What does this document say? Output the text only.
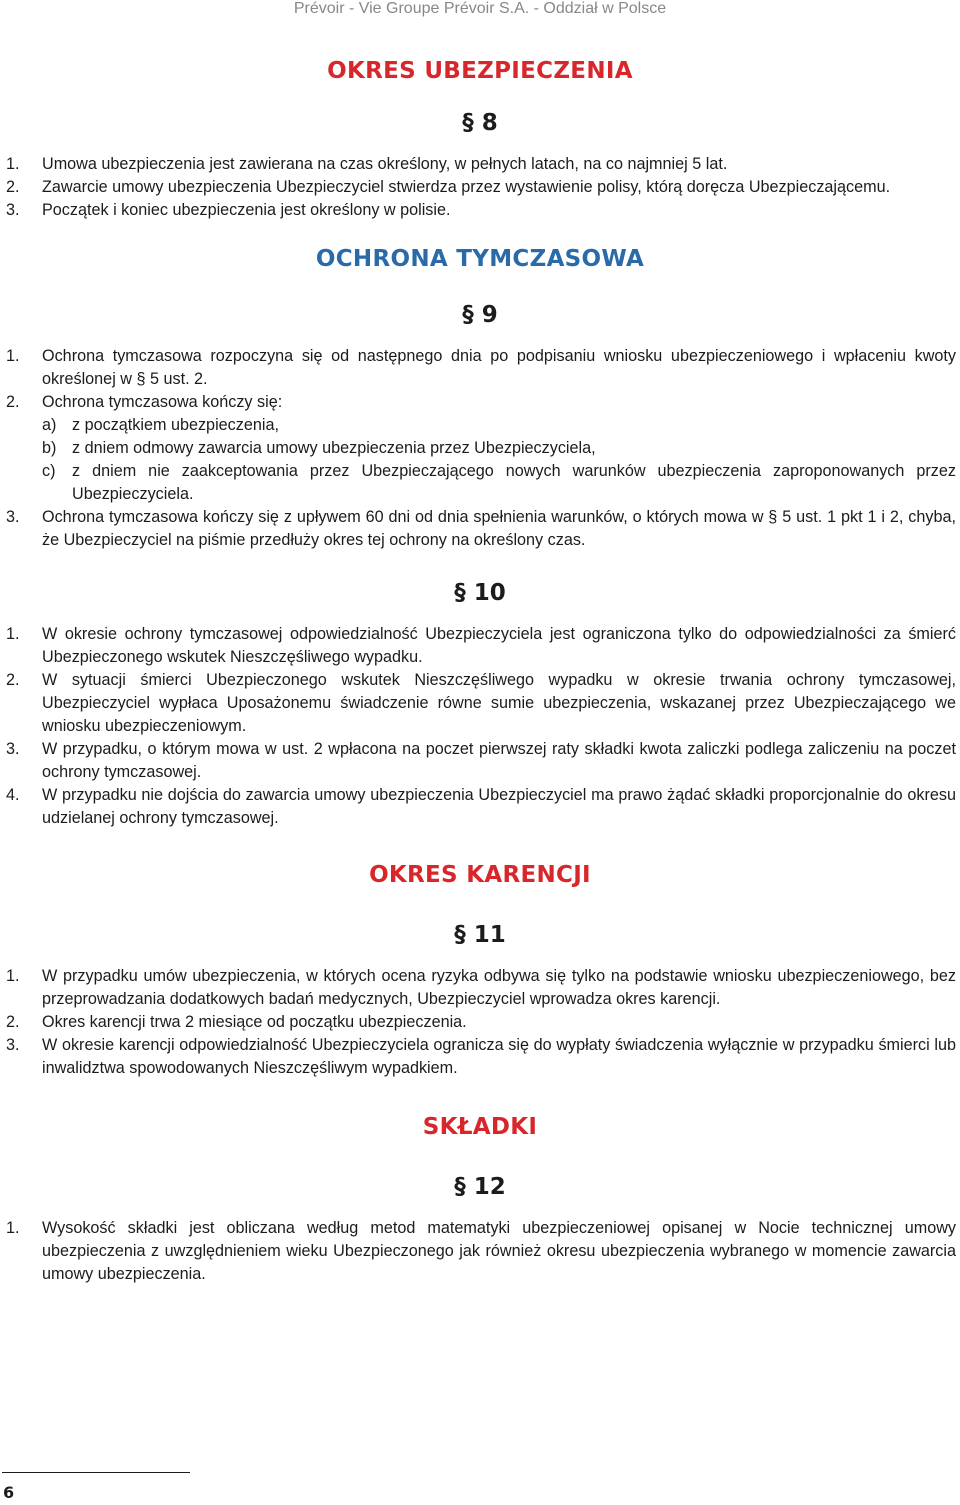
Prévoir - Vie Groupe Prévoir S.A. - Oddział w Polsce
OKRES UBEZPIECZENIA
§ 8
1. Umowa ubezpieczenia jest zawierana na czas określony, w pełnych latach, na co najmniej 5 lat.
2. Zawarcie umowy ubezpieczenia Ubezpieczyciel stwierdza przez wystawienie polisy, którą doręcza Ubezpieczającemu.
3. Początek i koniec ubezpieczenia jest określony w polisie.
OCHRONA TYMCZASOWA
§ 9
1. Ochrona tymczasowa rozpoczyna się od następnego dnia po podpisaniu wniosku ubezpieczeniowego i wpłaceniu kwoty określonej w § 5 ust. 2.
2. Ochrona tymczasowa kończy się:
a) z początkiem ubezpieczenia,
b) z dniem odmowy zawarcia umowy ubezpieczenia przez Ubezpieczyciela,
c) z dniem nie zaakceptowania przez Ubezpieczającego nowych warunków ubezpieczenia zaproponowanych przez Ubezpieczyciela.
3. Ochrona tymczasowa kończy się z upływem 60 dni od dnia spełnienia warunków, o których mowa w § 5 ust. 1 pkt 1 i 2, chyba, że Ubezpieczyciel na piśmie przedłuży okres tej ochrony na określony czas.
§ 10
1. W okresie ochrony tymczasowej odpowiedzialność Ubezpieczyciela jest ograniczona tylko do odpowiedzialności za śmierć Ubezpieczonego wskutek Nieszczęśliwego wypadku.
2. W sytuacji śmierci Ubezpieczonego wskutek Nieszczęśliwego wypadku w okresie trwania ochrony tymczasowej, Ubezpieczyciel wypłaca Uposażonemu świadczenie równe sumie ubezpieczenia, wskazanej przez Ubezpieczającego we wniosku ubezpieczeniowym.
3. W przypadku, o którym mowa w ust. 2 wpłacona na poczet pierwszej raty składki kwota zaliczki podlega zaliczeniu na poczet ochrony tymczasowej.
4. W przypadku nie dojścia do zawarcia umowy ubezpieczenia Ubezpieczyciel ma prawo żądać składki proporcjonalnie do okresu udzielanej ochrony tymczasowej.
OKRES KARENCJI
§ 11
1. W przypadku umów ubezpieczenia, w których ocena ryzyka odbywa się tylko na podstawie wniosku ubezpieczeniowego, bez przeprowadzania dodatkowych badań medycznych, Ubezpieczyciel wprowadza okres karencji.
2. Okres karencji trwa 2 miesiące od początku ubezpieczenia.
3. W okresie karencji odpowiedzialność Ubezpieczyciela ogranicza się do wypłaty świadczenia wyłącznie w przypadku śmierci lub inwalidztwa spowodowanych Nieszczęśliwym wypadkiem.
SKŁADKI
§ 12
1. Wysokość składki jest obliczana według metod matematyki ubezpieczeniowej opisanej w Nocie technicznej umowy ubezpieczenia z uwzględnieniem wieku Ubezpieczonego jak również okresu ubezpieczenia wybranego w momencie zawarcia umowy ubezpieczenia.
6
